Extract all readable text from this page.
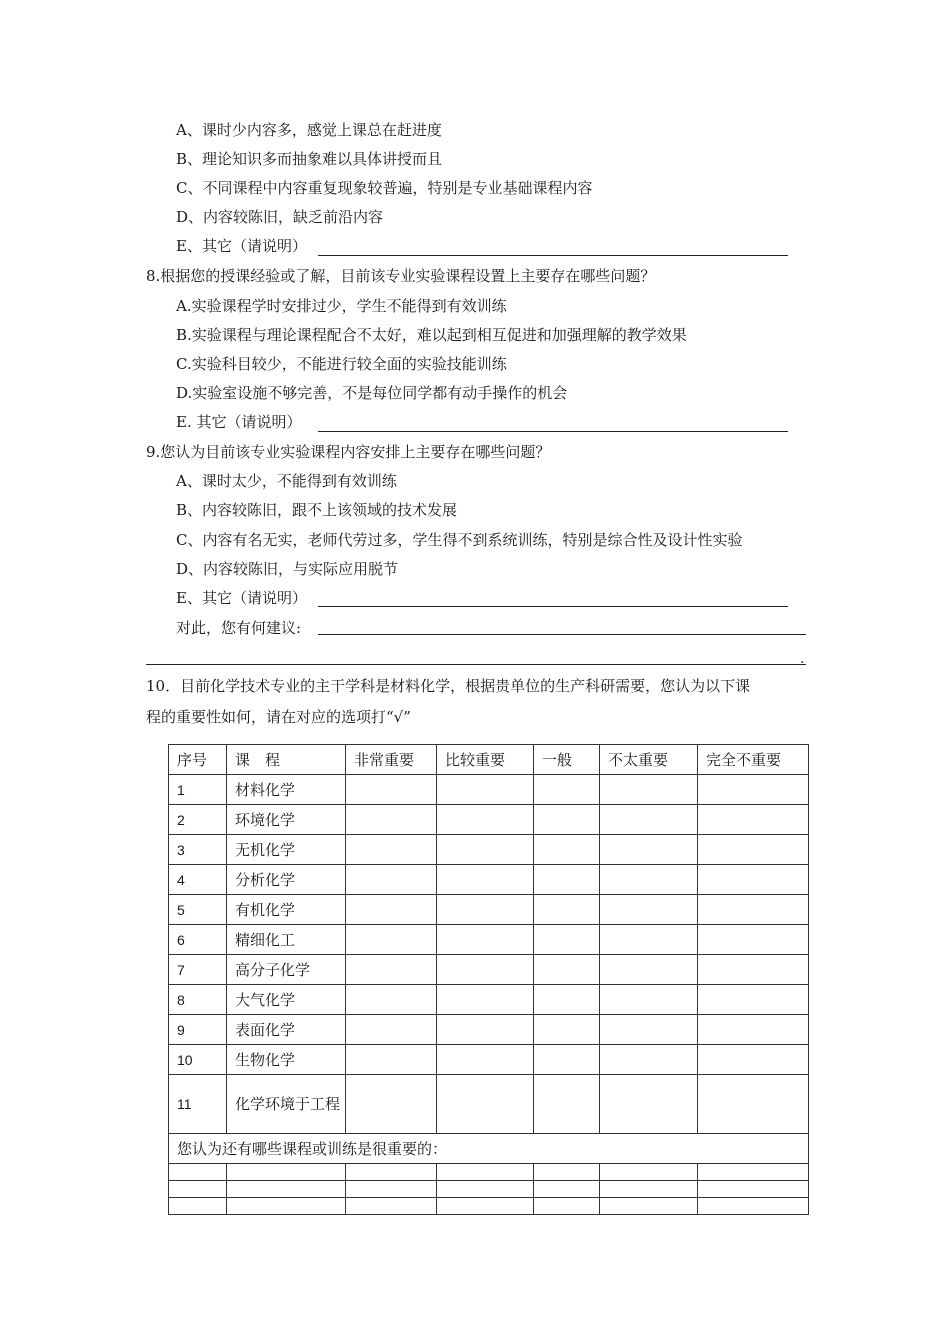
A、课时少内容多，感觉上课总在赶进度
B、理论知识多而抽象难以具体讲授而且
C、不同课程中内容重复现象较普遍，特别是专业基础课程内容
D、内容较陈旧，缺乏前沿内容
E、其它（请说明）
8.根据您的授课经验或了解，目前该专业实验课程设置上主要存在哪些问题？
A.实验课程学时安排过少，学生不能得到有效训练
B.实验课程与理论课程配合不太好，难以起到相互促进和加强理解的教学效果
C.实验科目较少，不能进行较全面的实验技能训练
D.实验室设施不够完善，不是每位同学都有动手操作的机会
E. 其它（请说明）
9.您认为目前该专业实验课程内容安排上主要存在哪些问题？
A、课时太少，不能得到有效训练
B、内容较陈旧，跟不上该领域的技术发展
C、内容有名无实，老师代劳过多，学生得不到系统训练，特别是综合性及设计性实验
D、内容较陈旧，与实际应用脱节
E、其它（请说明）
对此，您有何建议:
.
10．目前化学技术专业的主干学科是材料化学，根据贵单位的生产科研需要，您认为以下课
程的重要性如何，请在对应的选项打“√”
序号	课　程	非常重要	比较重要	一般	不太重要	完全不重要
1	材料化学					
2	环境化学					
3	无机化学					
4	分析化学					
5	有机化学					
6	精细化工					
7	高分子化学					
8	大气化学					
9	表面化学					
10	生物化学					
11	化学环境于工程					
您认为还有哪些课程或训练是很重要的：						
